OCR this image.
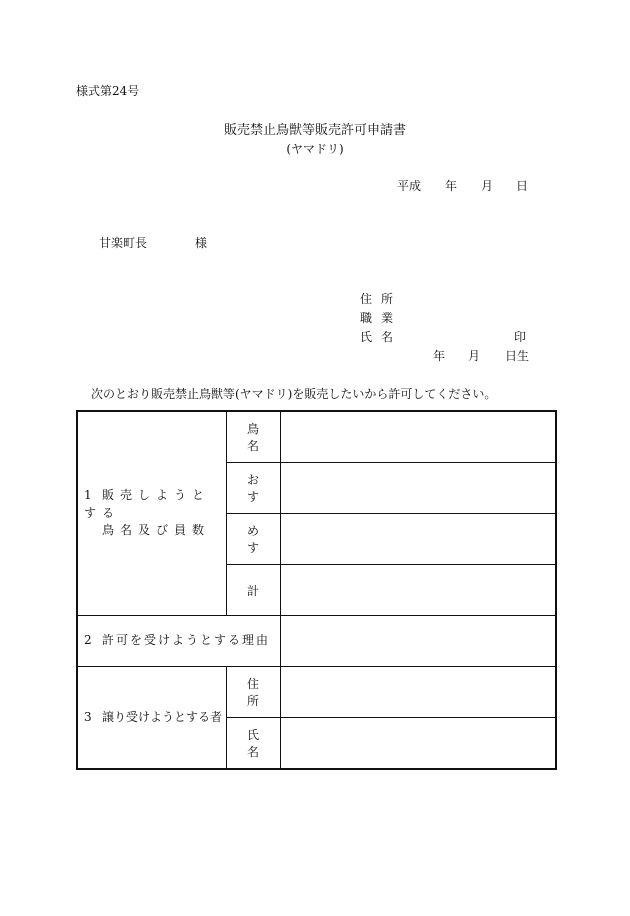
様式第24号
販売禁止鳥獣等販売許可申請書
(ヤマドリ)
平成 年 月 日
甘楽町長	様
住所
職業
氏名	印
年 月 日生
次のとおり販売禁止鳥獣等(ヤマドリ)を販売したいから許可してください。
1 販売しようとする
鳥名及び員数	鳥名	
	おす	
	めす	
	計	
2 許可を受けようとする理由		
3 譲り受けようとする者	住所	
	氏名	
